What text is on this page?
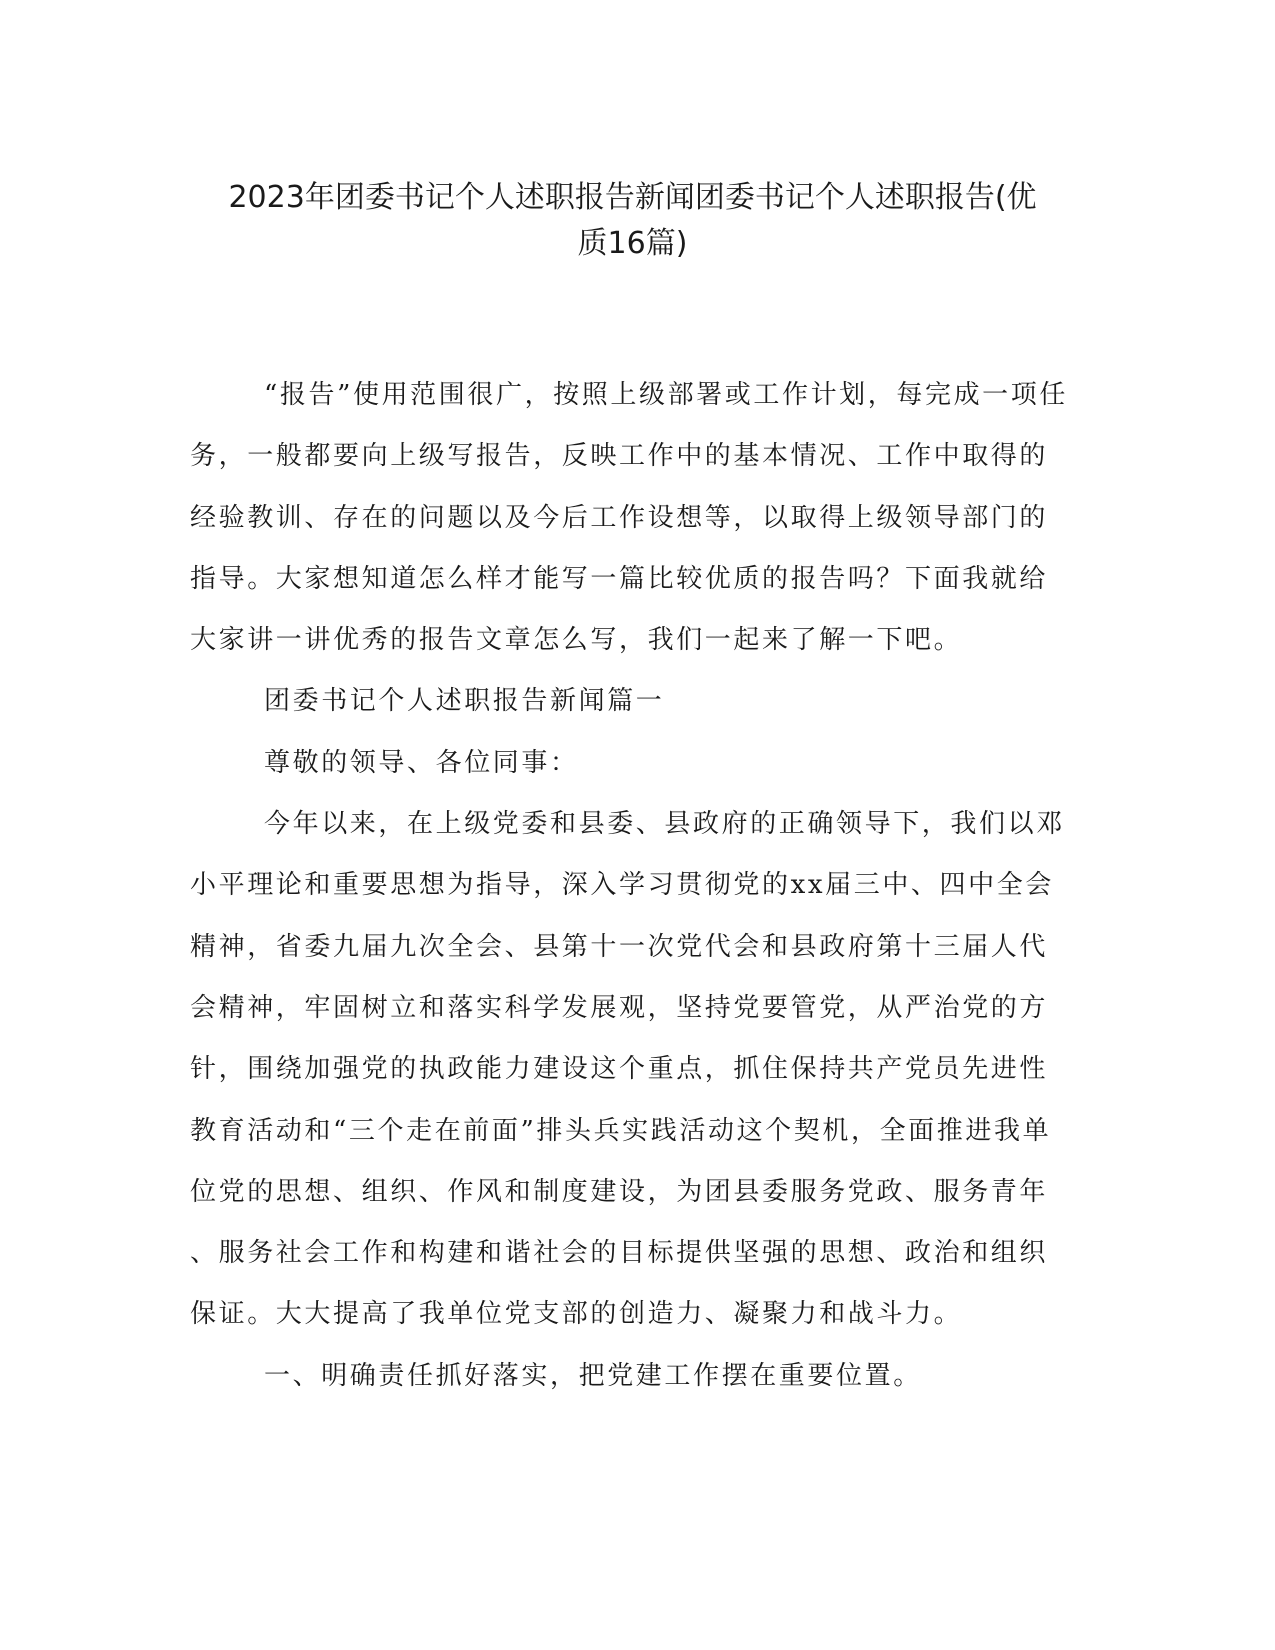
2023年团委书记个人述职报告新闻团委书记个人述职报告(优
质16篇)
“报告”使用范围很广，按照上级部署或工作计划，每完成一项任
务，一般都要向上级写报告，反映工作中的基本情况、工作中取得的
经验教训、存在的问题以及今后工作设想等，以取得上级领导部门的
指导。大家想知道怎么样才能写一篇比较优质的报告吗？下面我就给
大家讲一讲优秀的报告文章怎么写，我们一起来了解一下吧。
团委书记个人述职报告新闻篇一
尊敬的领导、各位同事：
今年以来，在上级党委和县委、县政府的正确领导下，我们以邓
小平理论和重要思想为指导，深入学习贯彻党的xx届三中、四中全会
精神，省委九届九次全会、县第十一次党代会和县政府第十三届人代
会精神，牢固树立和落实科学发展观，坚持党要管党，从严治党的方
针，围绕加强党的执政能力建设这个重点，抓住保持共产党员先进性
教育活动和“三个走在前面”排头兵实践活动这个契机，全面推进我单
位党的思想、组织、作风和制度建设，为团县委服务党政、服务青年
、服务社会工作和构建和谐社会的目标提供坚强的思想、政治和组织
保证。大大提高了我单位党支部的创造力、凝聚力和战斗力。
一、明确责任抓好落实，把党建工作摆在重要位置。
